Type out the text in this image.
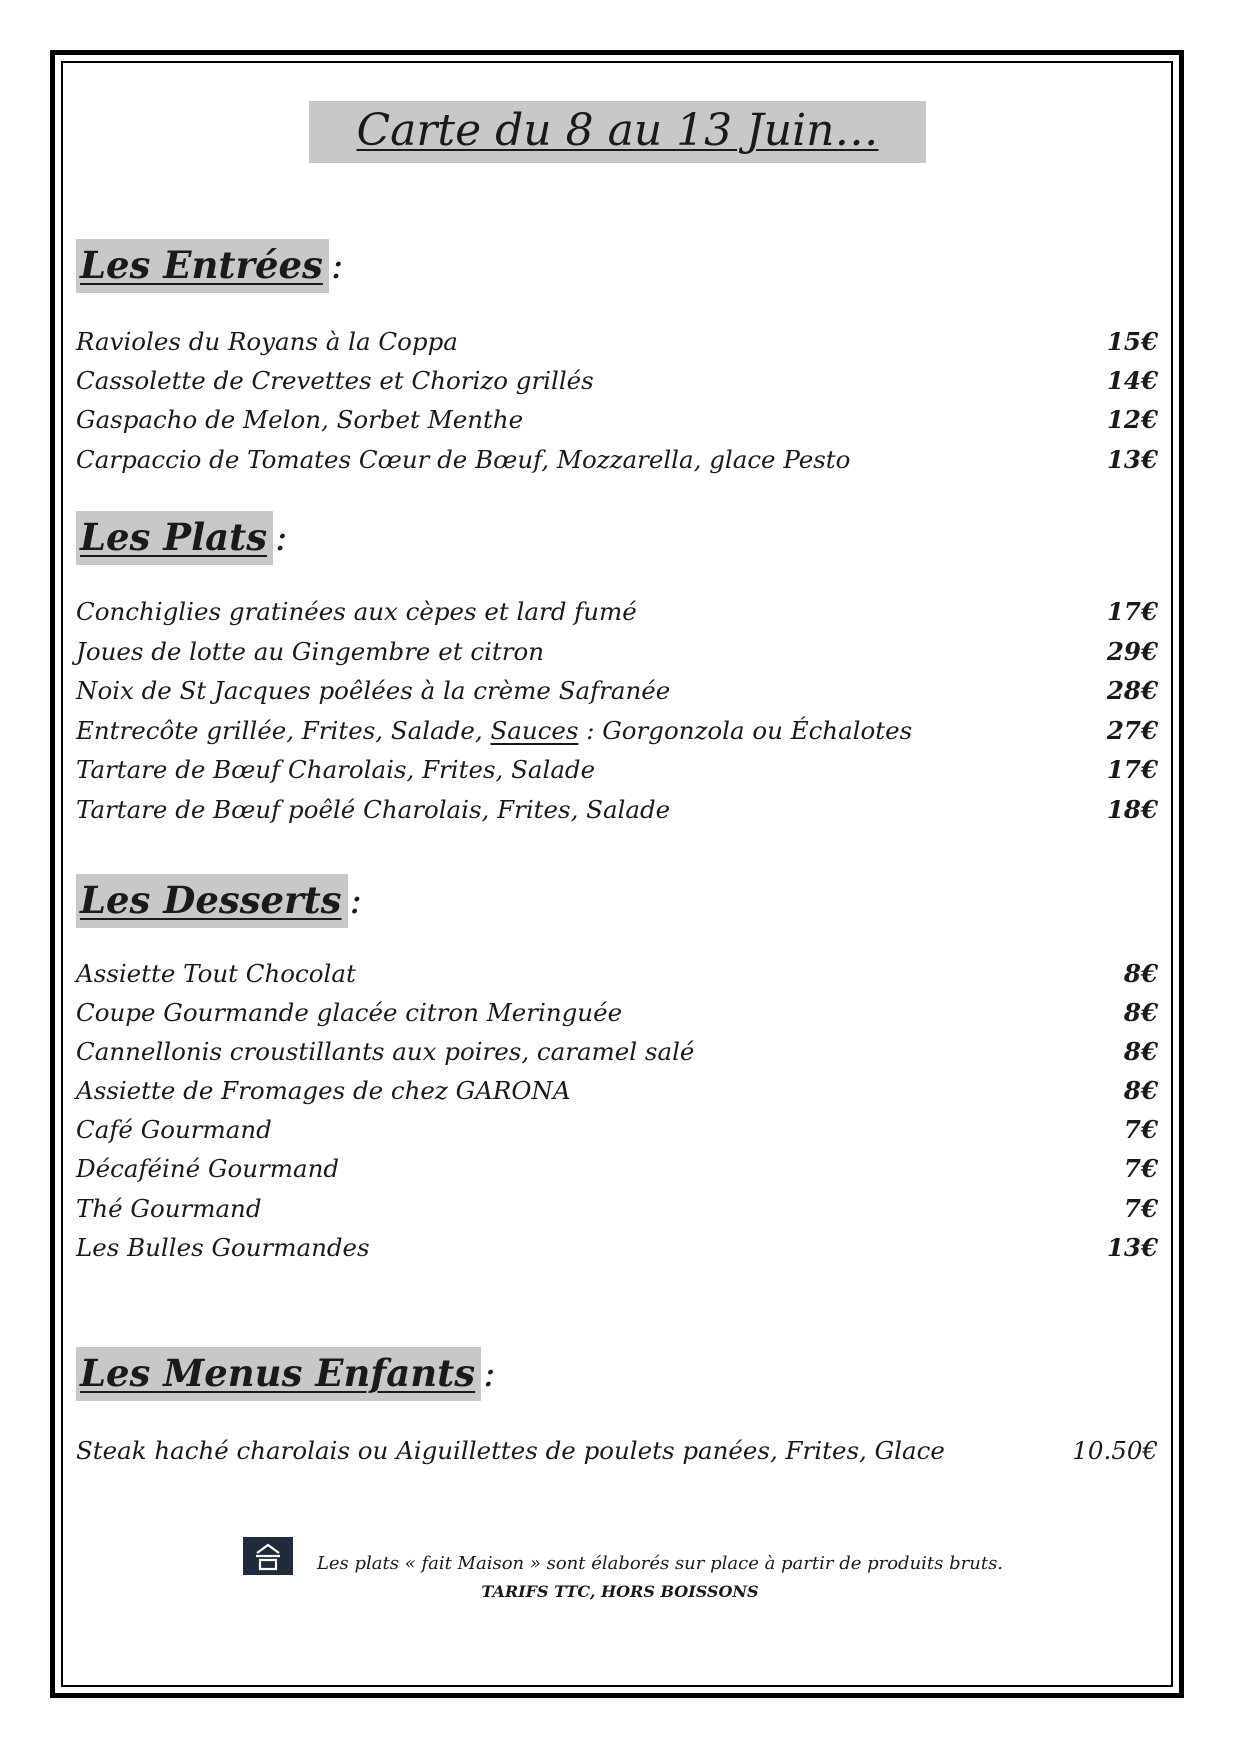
Carte du 8 au 13 Juin…
Les Entrées :
Ravioles du Royans à la Coppa	15€
Cassolette de Crevettes et Chorizo grillés	14€
Gaspacho de Melon, Sorbet Menthe	12€
Carpaccio de Tomates Cœur de Bœuf, Mozzarella, glace Pesto	13€
Les Plats :
Conchiglies gratinées aux cèpes et lard fumé	17€
Joues de lotte au Gingembre et citron	29€
Noix de St Jacques poêlées à la crème Safranée	28€
Entrecôte grillée, Frites, Salade, Sauces : Gorgonzola ou Échalotes	27€
Tartare de Bœuf Charolais, Frites, Salade	17€
Tartare de Bœuf poêlé Charolais, Frites, Salade	18€
Les Desserts :
Assiette Tout Chocolat	8€
Coupe Gourmande glacée citron Meringuée	8€
Cannellonis croustillants aux poires, caramel salé	8€
Assiette de Fromages de chez GARONA	8€
Café Gourmand	7€
Décaféiné Gourmand	7€
Thé Gourmand	7€
Les Bulles Gourmandes	13€
Les Menus Enfants :
Steak haché charolais ou Aiguillettes de poulets panées, Frites, Glace	10.50€
Les plats « fait Maison » sont élaborés sur place à partir de produits bruts.
TARIFS TTC, HORS BOISSONS
